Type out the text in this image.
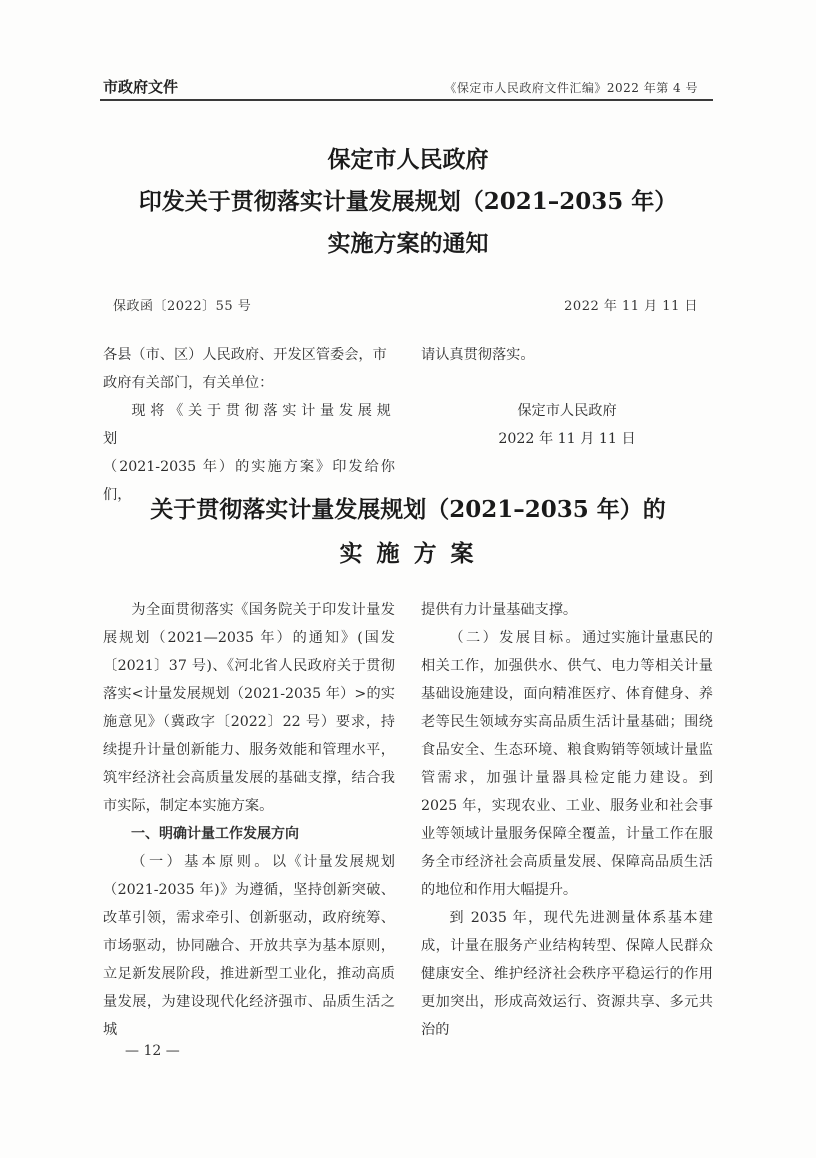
市政府文件	《保定市人民政府文件汇编》2022 年第 4 号
保定市人民政府
印发关于贯彻落实计量发展规划（2021–2035 年）
实施方案的通知
保政函〔2022〕55 号	2022 年 11 月 11 日

各县（市、区）人民政府、开发区管委会，市

政府有关部门，有关单位：

现将《关于贯彻落实计量发展规划

（2021-2035 年）的实施方案》印发给你们，

请认真贯彻落实。

保定市人民政府

2022 年 11 月 11 日

关于贯彻落实计量发展规划（2021–2035 年）的
实 施 方 案

为全面贯彻落实《国务院关于印发计量发展规划（2021—2035 年）的通知》(国发〔2021〕37 号)、《河北省人民政府关于贯彻落实<计量发展规划（2021-2035 年）>的实施意见》（冀政字〔2022〕22 号）要求，持续提升计量创新能力、服务效能和管理水平，筑牢经济社会高质量发展的基础支撑，结合我市实际，制定本实施方案。

一、明确计量工作发展方向

（一）基本原则。以《计量发展规划（2021-2035 年)》为遵循，坚持创新突破、改革引领，需求牵引、创新驱动，政府统筹、市场驱动，协同融合、开放共享为基本原则，立足新发展阶段，推进新型工业化，推动高质量发展，为建设现代化经济强市、品质生活之城

提供有力计量基础支撑。

（二）发展目标。通过实施计量惠民的相关工作，加强供水、供气、电力等相关计量基础设施建设，面向精准医疗、体育健身、养老等民生领域夯实高品质生活计量基础；围绕食品安全、生态环境、粮食购销等领域计量监管需求，加强计量器具检定能力建设。到 2025 年，实现农业、工业、服务业和社会事业等领域计量服务保障全覆盖，计量工作在服务全市经济社会高质量发展、保障高品质生活的地位和作用大幅提升。

到 2035 年，现代先进测量体系基本建成，计量在服务产业结构转型、保障人民群众健康安全、维护经济社会秩序平稳运行的作用更加突出，形成高效运行、资源共享、多元共治的

— 12 —
